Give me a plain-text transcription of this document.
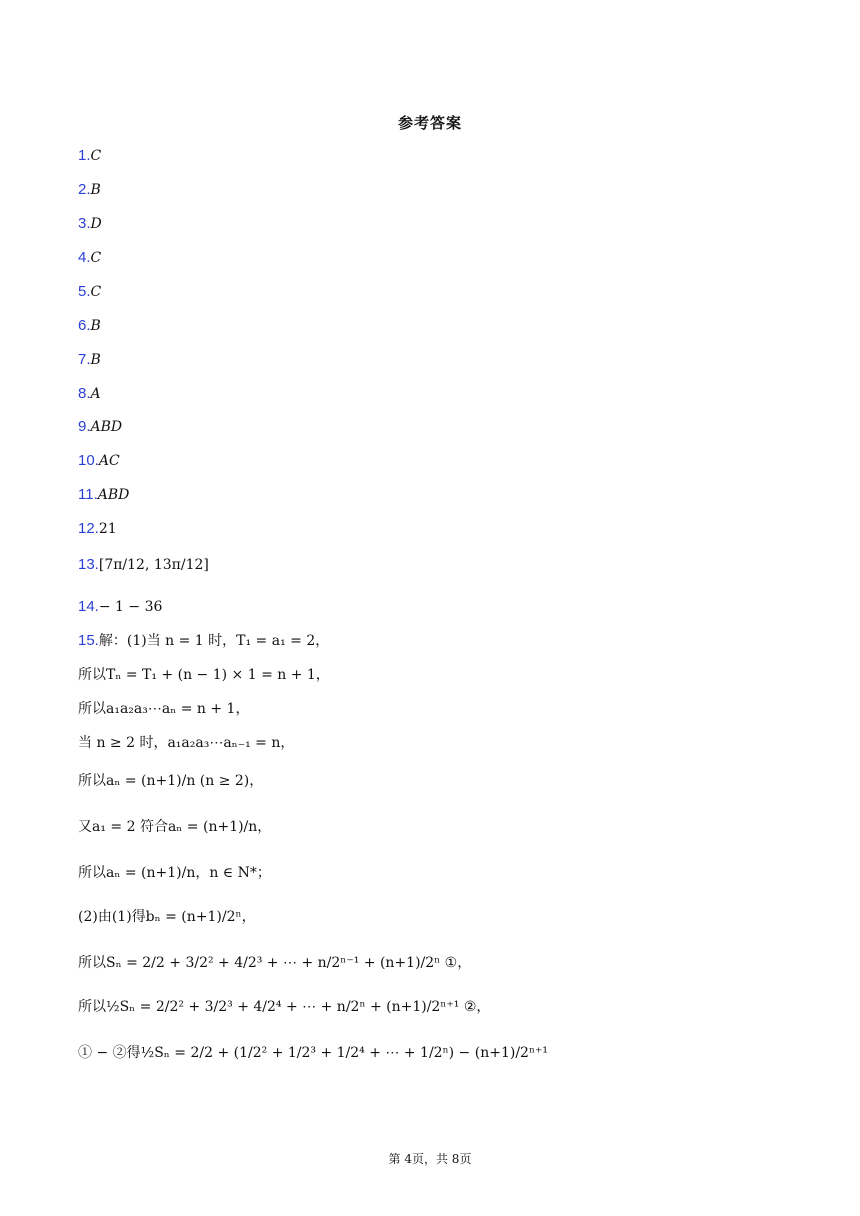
参考答案
1.C
2.B
3.D
4.C
5.C
6.B
7.B
8.A
9.ABD
10.AC
11.ABD
12.21
13.[7π/12, 13π/12]
14.− 1 − 36
15.解：(1)当 n = 1 时，T₁ = a₁ = 2，
所以Tₙ = T₁ + (n − 1) × 1 = n + 1，
所以a₁a₂a₃⋯aₙ = n + 1，
当 n ≥ 2 时，a₁a₂a₃⋯aₙ₋₁ = n，
所以aₙ = (n+1)/n (n ≥ 2)，
又a₁ = 2 符合aₙ = (n+1)/n，
所以aₙ = (n+1)/n，n ∈ N*；
(2)由(1)得bₙ = (n+1)/2ⁿ，
所以Sₙ = 2/2 + 3/2² + 4/2³ + ⋯ + n/2ⁿ⁻¹ + (n+1)/2ⁿ ①，
所以½Sₙ = 2/2² + 3/2³ + 4/2⁴ + ⋯ + n/2ⁿ + (n+1)/2ⁿ⁺¹ ②，
① − ②得½Sₙ = 2/2 + (1/2² + 1/2³ + 1/2⁴ + ⋯ + 1/2ⁿ) − (n+1)/2ⁿ⁺¹
第 4页，共 8页
